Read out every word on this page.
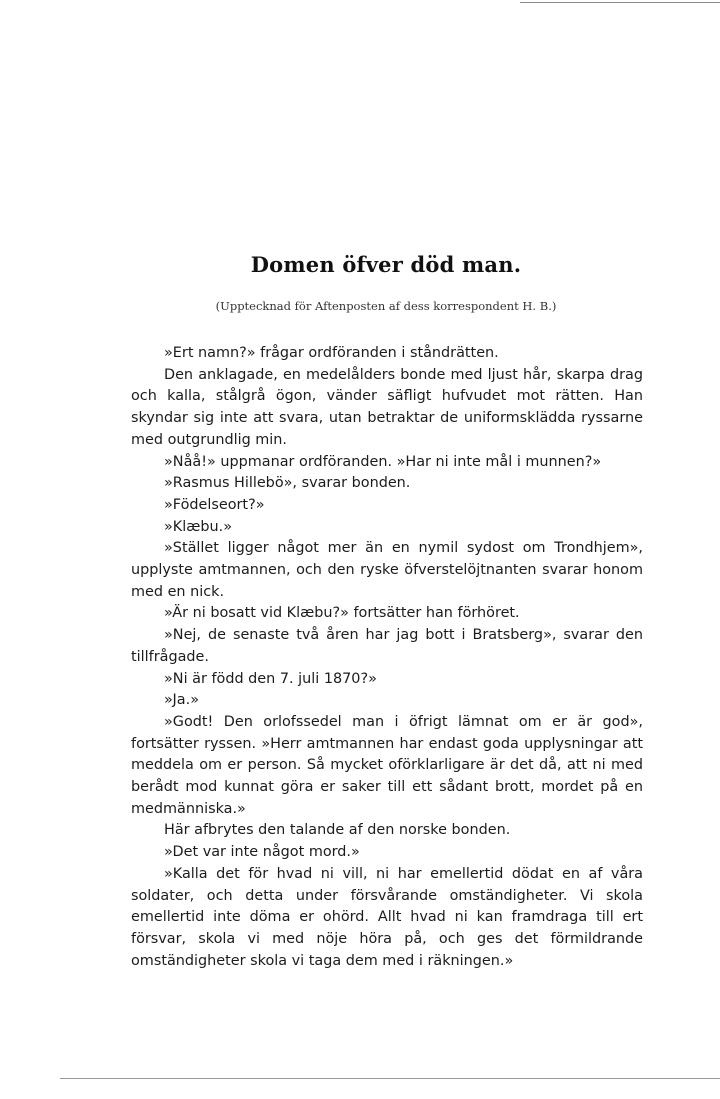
Domen öfver död man.
(Upptecknad för Aftenposten af dess korrespondent H. B.)

»Ert namn?» frågar ordföranden i ståndrätten.

Den anklagade, en medelålders bonde med ljust hår, skarpa drag och kalla, stålgrå ögon, vänder säfligt hufvudet mot rätten. Han skyndar sig inte att svara, utan betraktar de uniformsklädda ryssarne med outgrundlig min.

»Nåå!» uppmanar ordföranden. »Har ni inte mål i munnen?»

»Rasmus Hillebö», svarar bonden.

»Födelseort?»

»Klæbu.»

»Stället ligger något mer än en nymil sydost om Trondhjem», upplyste amtmannen, och den ryske öfverstelöjtnanten svarar honom med en nick.

»Är ni bosatt vid Klæbu?» fortsätter han förhöret.

»Nej, de senaste två åren har jag bott i Bratsberg», svarar den tillfrågade.

»Ni är född den 7. juli 1870?»

»Ja.»

»Godt! Den orlofssedel man i öfrigt lämnat om er är god», fortsätter ryssen. »Herr amtmannen har endast goda upplysningar att meddela om er person. Så mycket oförklarligare är det då, att ni med berådt mod kunnat göra er saker till ett sådant brott, mordet på en medmänniska.»

Här afbrytes den talande af den norske bonden.

»Det var inte något mord.»

»Kalla det för hvad ni vill, ni har emellertid dödat en af våra soldater, och detta under försvårande omständigheter. Vi skola emellertid inte döma er ohörd. Allt hvad ni kan framdraga till ert försvar, skola vi med nöje höra på, och ges det förmildrande omständigheter skola vi taga dem med i räkningen.»
